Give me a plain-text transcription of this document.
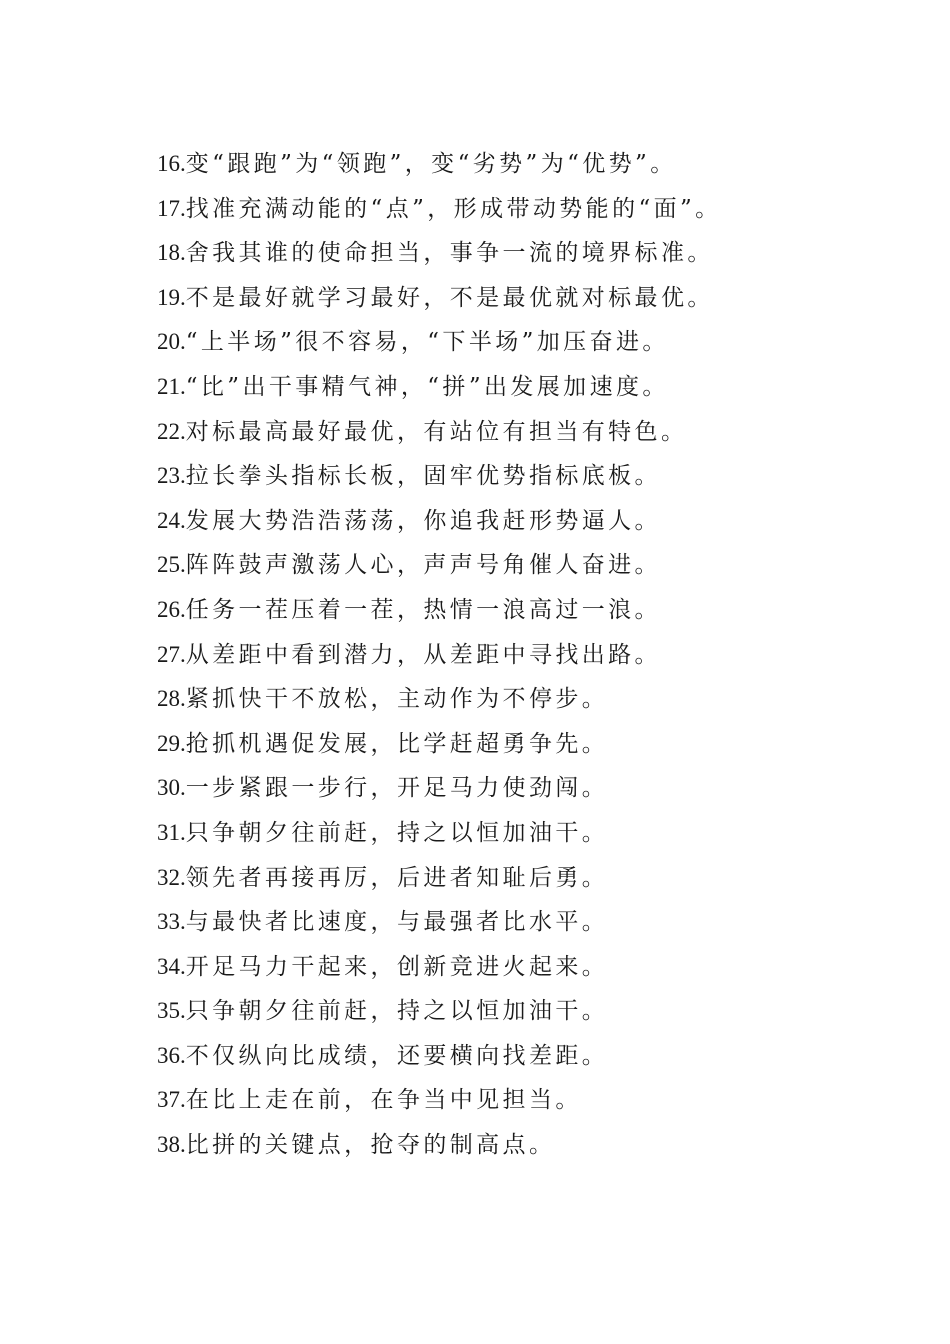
16.变“跟跑”为“领跑”，变“劣势”为“优势”。
17.找准充满动能的“点”，形成带动势能的“面”。
18.舍我其谁的使命担当，事争一流的境界标准。
19.不是最好就学习最好，不是最优就对标最优。
20.“上半场”很不容易，“下半场”加压奋进。
21.“比”出干事精气神，“拼”出发展加速度。
22.对标最高最好最优，有站位有担当有特色。
23.拉长拳头指标长板，固牢优势指标底板。
24.发展大势浩浩荡荡，你追我赶形势逼人。
25.阵阵鼓声激荡人心，声声号角催人奋进。
26.任务一茬压着一茬，热情一浪高过一浪。
27.从差距中看到潜力，从差距中寻找出路。
28.紧抓快干不放松，主动作为不停步。
29.抢抓机遇促发展，比学赶超勇争先。
30.一步紧跟一步行，开足马力使劲闯。
31.只争朝夕往前赶，持之以恒加油干。
32.领先者再接再厉，后进者知耻后勇。
33.与最快者比速度，与最强者比水平。
34.开足马力干起来，创新竞进火起来。
35.只争朝夕往前赶，持之以恒加油干。
36.不仅纵向比成绩，还要横向找差距。
37.在比上走在前，在争当中见担当。
38.比拼的关键点，抢夺的制高点。
